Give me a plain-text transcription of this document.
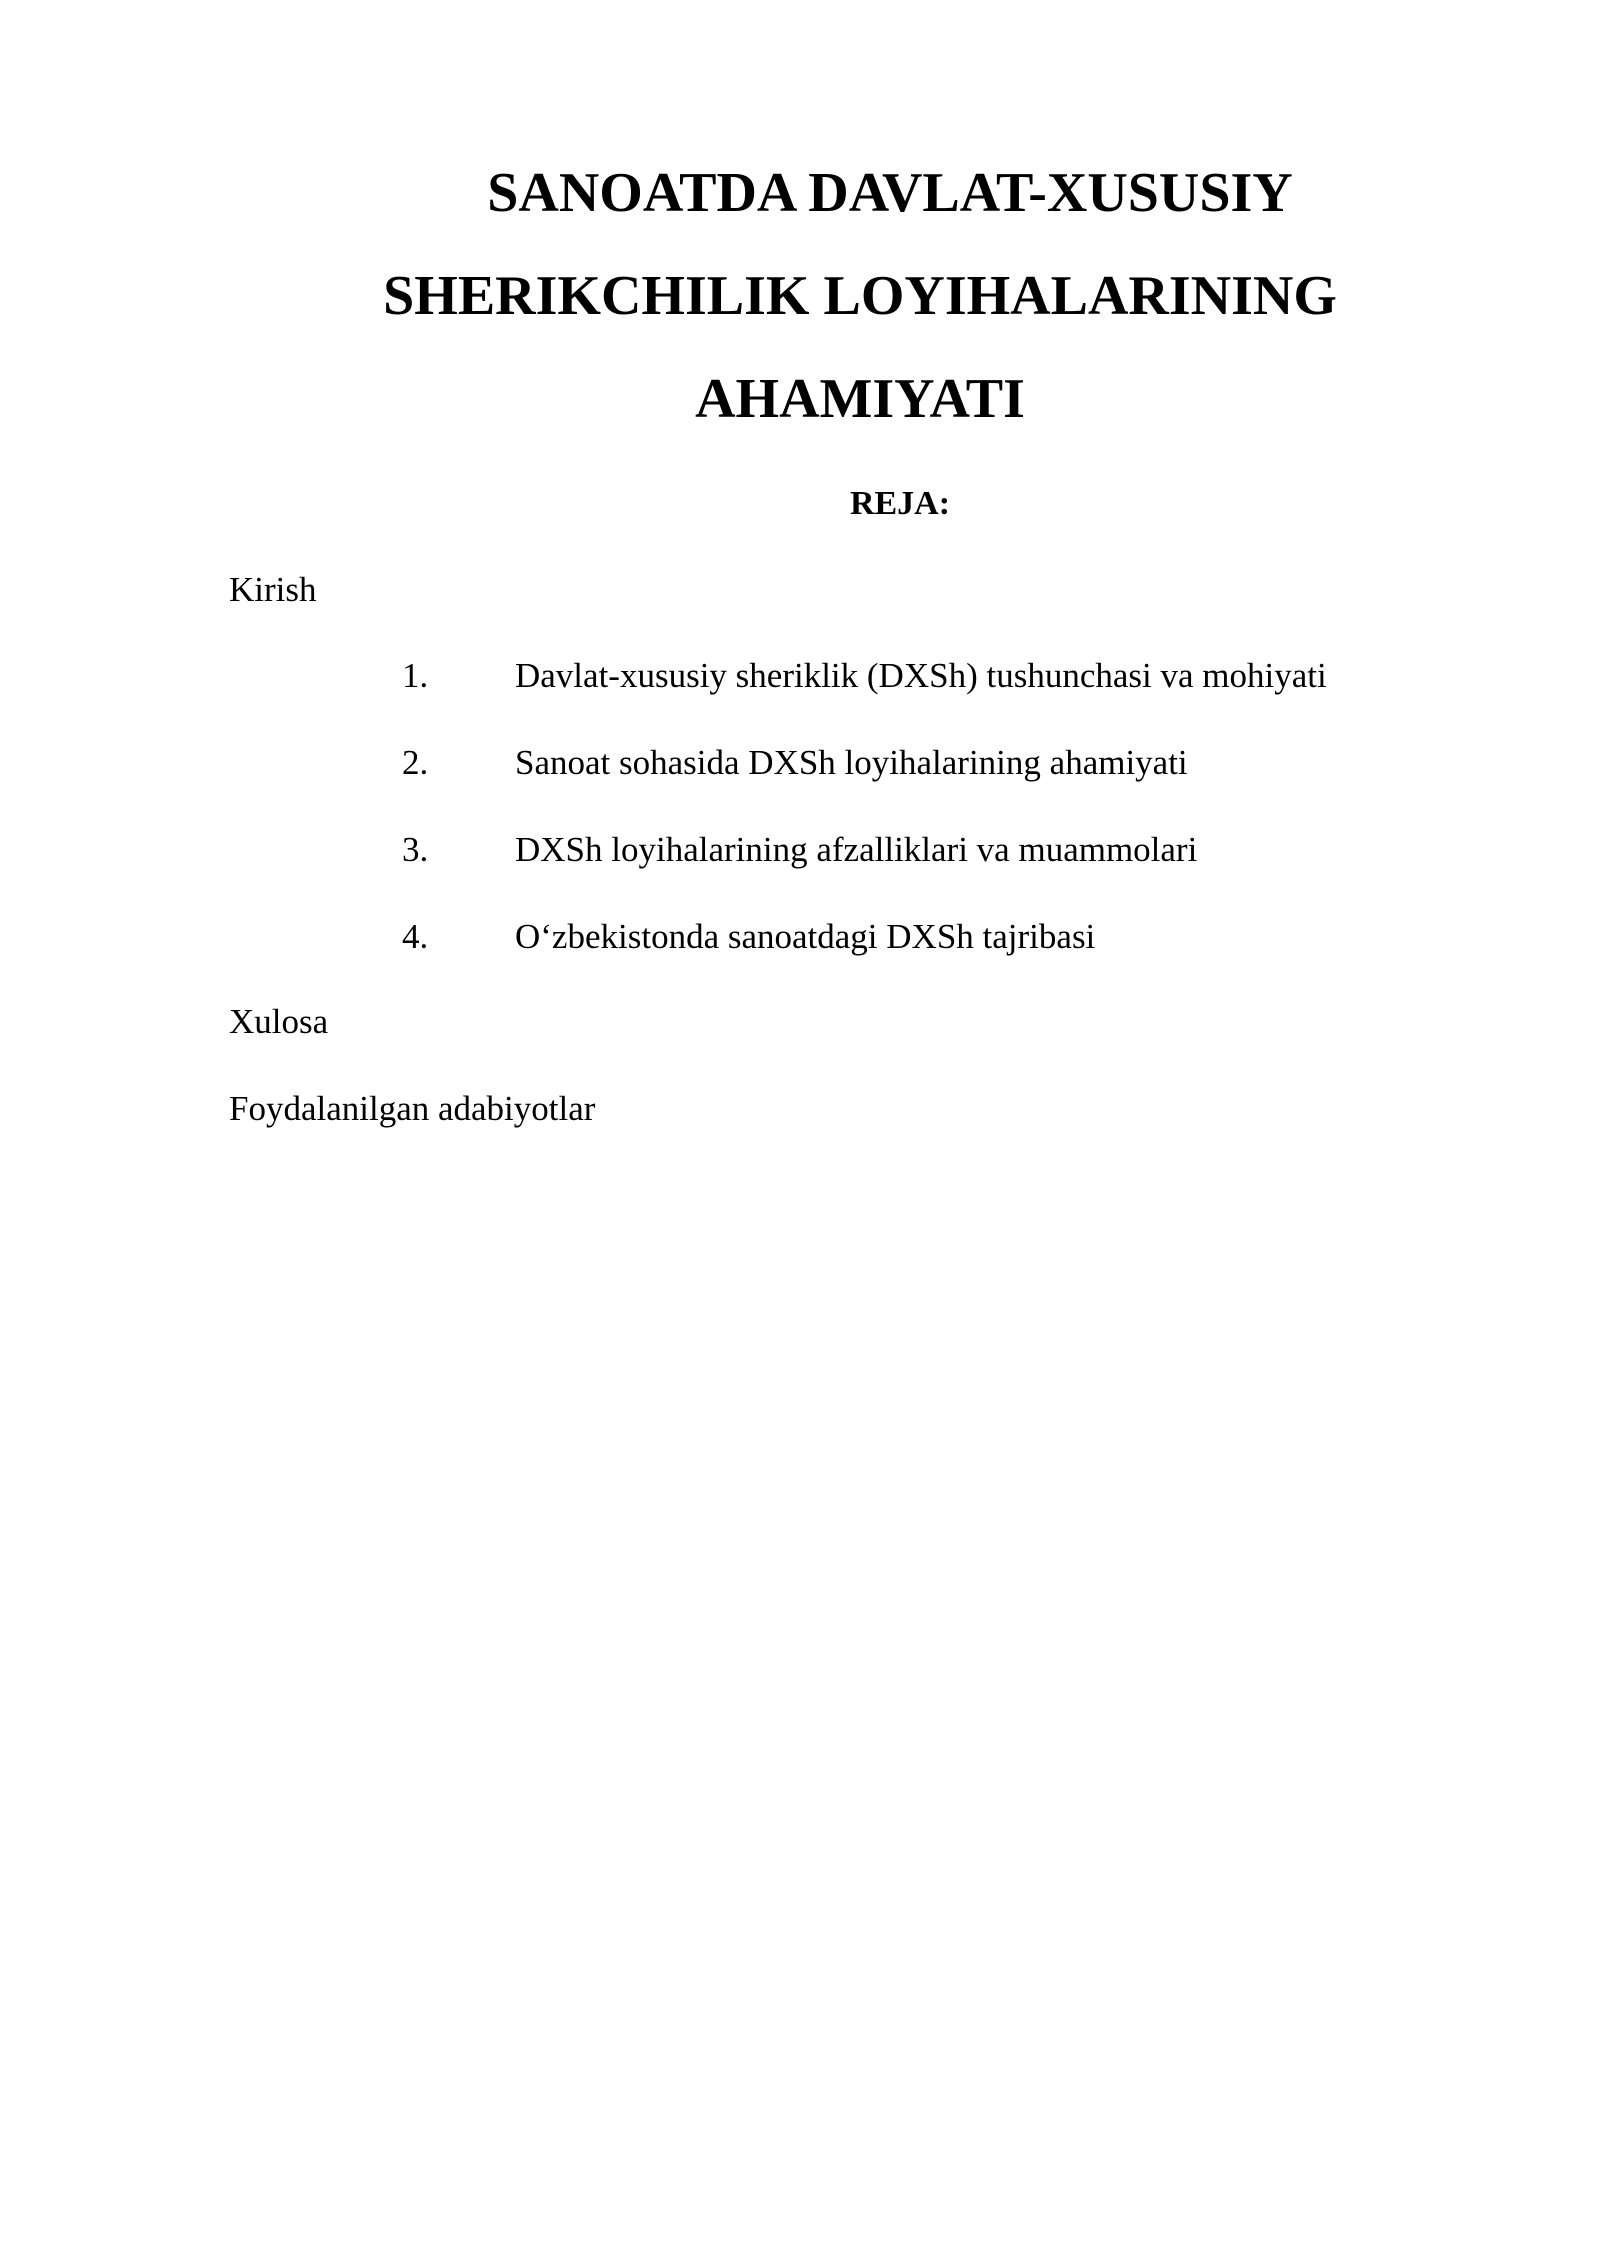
SANOATDA DAVLAT-XUSUSIY
SHERIKCHILIK LOYIHALARINING
AHAMIYATI

REJA:

Kirish

1. Davlat-xususiy sheriklik (DXSh) tushunchasi va mohiyati
2. Sanoat sohasida DXSh loyihalarining ahamiyati
3. DXSh loyihalarining afzalliklari va muammolari
4. O‘zbekistonda sanoatdagi DXSh tajribasi

Xulosa

Foydalanilgan adabiyotlar
